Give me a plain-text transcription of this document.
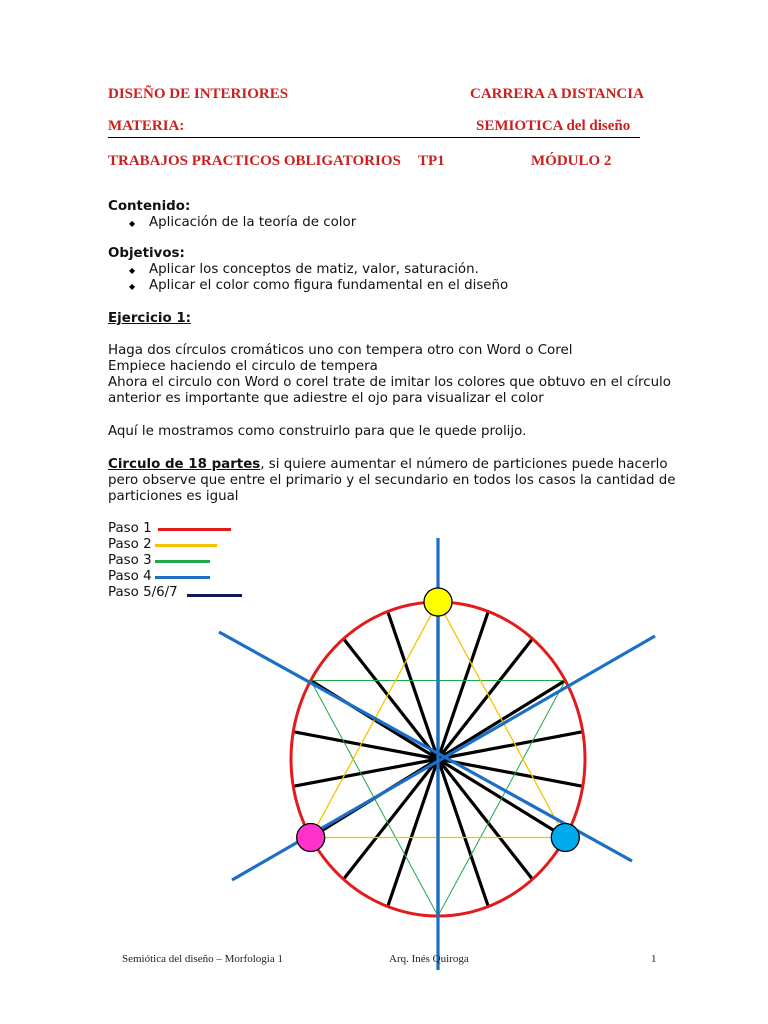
DISEÑO DE INTERIORES	CARRERA A DISTANCIA
MATERIA:	SEMIOTICA del diseño
TRABAJOS PRACTICOS OBLIGATORIOS TP1	MÓDULO 2
Contenido:
◆ Aplicación de la teoría de color
Objetivos:
◆ Aplicar los conceptos de matiz, valor, saturación.
◆ Aplicar el color como figura fundamental en el diseño
Ejercicio 1:
Haga dos círculos cromáticos uno con tempera otro con Word o Corel
Empiece haciendo el circulo de tempera
Ahora el circulo con Word o corel trate de imitar los colores que obtuvo en el círculo
anterior es importante que adiestre el ojo para visualizar el color
Aquí le mostramos como construirlo para que le quede prolijo.
Circulo de 18 partes, si quiere aumentar el número de particiones puede hacerlo
pero observe que entre el primario y el secundario en todos los casos la cantidad de
particiones es igual
Paso 1
Paso 2
Paso 3
Paso 4
Paso 5/6/7
Semiótica del diseño – Morfologia 1	Arq. Inés Quiroga	1
